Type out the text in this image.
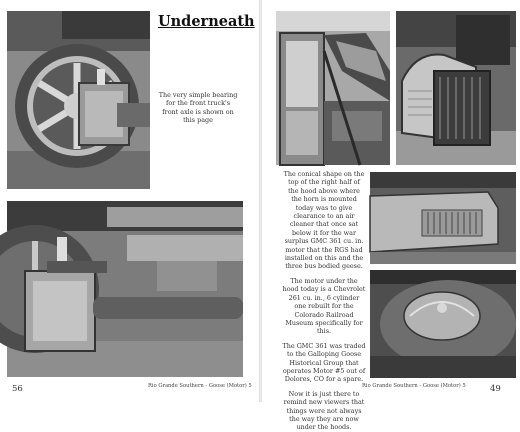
Underneath
The very simple bearing for the front truck's front axle is shown on this page
56	Rio Grande Southern - Goose (Motor) 5

The conical shape on the top of the right half of the hood above where the horn is mounted today was to give clearance to an air cleaner that once sat below it for the war surplus GMC 361 cu. in. motor that the RGS had installed on this and the three bus bodied geese.

The motor under the hood today is a Chevrolet 261 cu. in., 6 cylinder one rebuilt for the Colorado Railroad Museum specifically for this.

The GMC 361 was traded to the Galloping Goose Historical Group that operates Motor #5 out of Dolores, CO for a spare.

Now it is just there to remind new viewers that things were not always the way they are now under the hoods.

Rio Grande Southern - Goose (Motor) 5	49
